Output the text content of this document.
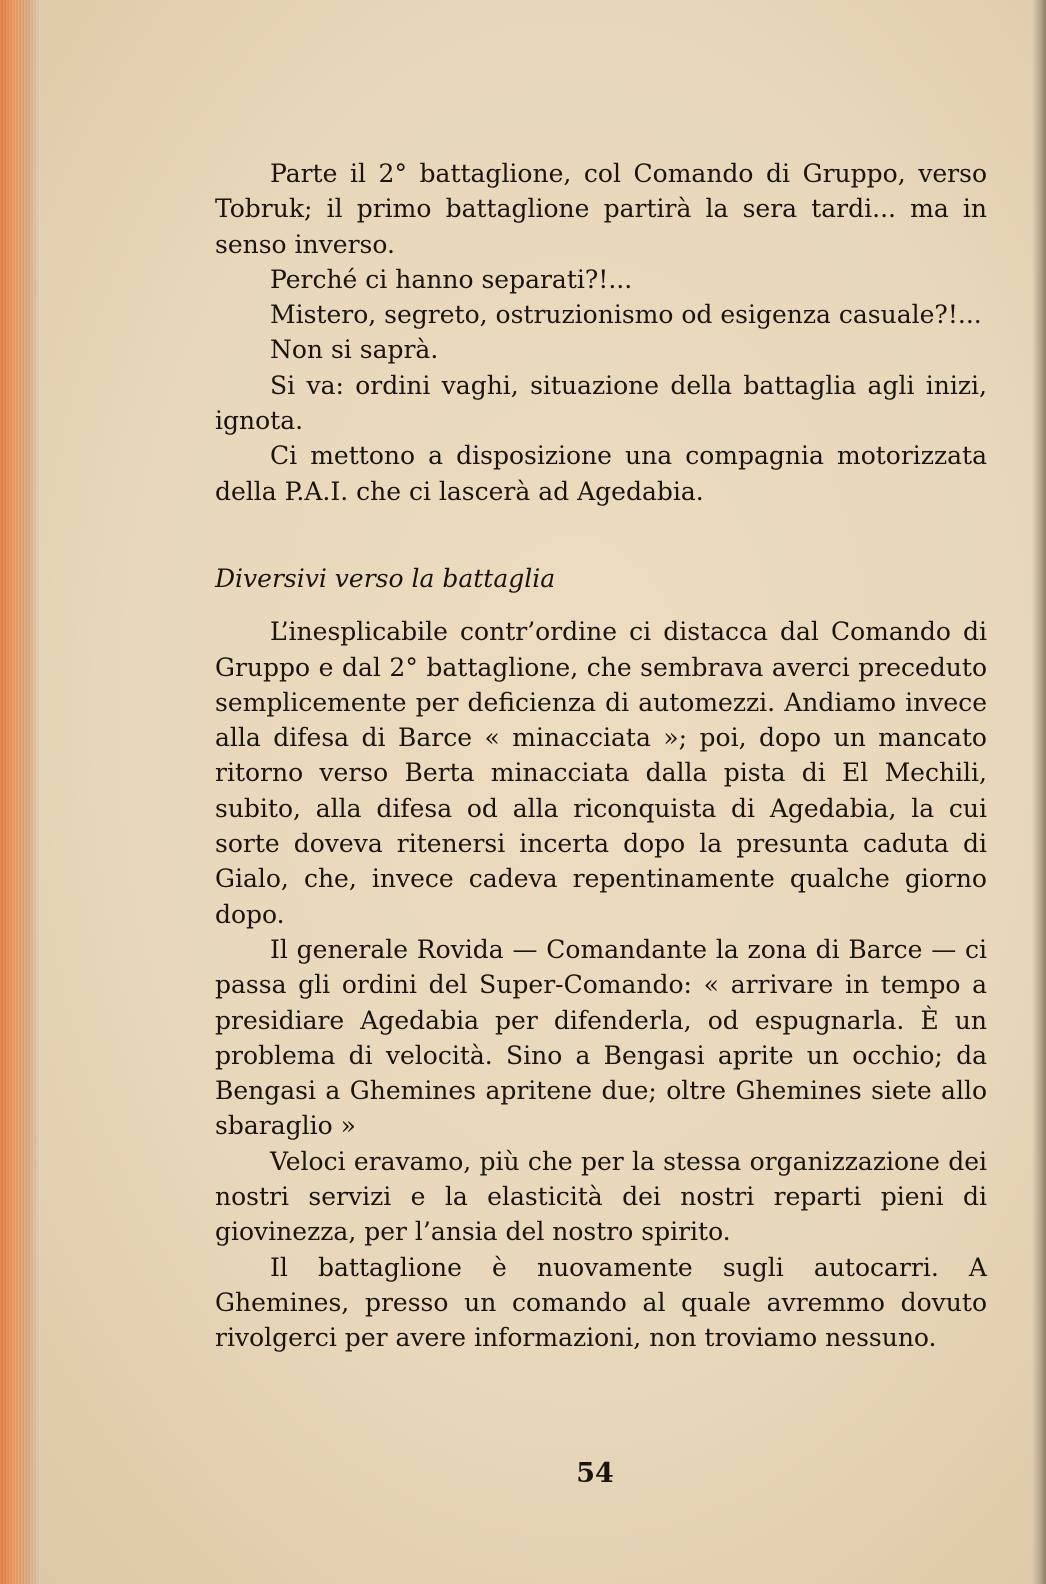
Parte il 2° battaglione, col Comando di Gruppo, verso Tobruk; il primo battaglione partirà la sera tardi... ma in senso inverso.

Perché ci hanno separati?!...

Mistero, segreto, ostruzionismo od esigenza casuale?!...

Non si saprà.

Si va: ordini vaghi, situazione della battaglia agli inizi, ignota.

Ci mettono a disposizione una compagnia motorizzata della P.A.I. che ci lascerà ad Agedabia.

Diversivi verso la battaglia

L’inesplicabile contr’ordine ci distacca dal Comando di Gruppo e dal 2° battaglione, che sembrava averci preceduto semplicemente per deficienza di automezzi. Andiamo invece alla difesa di Barce « minacciata »; poi, dopo un mancato ritorno verso Berta minacciata dalla pista di El Mechili, subito, alla difesa od alla riconquista di Agedabia, la cui sorte doveva ritenersi incerta dopo la presunta caduta di Gialo, che, invece cadeva repentinamente qualche giorno dopo.

Il generale Rovida — Comandante la zona di Barce — ci passa gli ordini del Super-Comando: « arrivare in tempo a presidiare Agedabia per difenderla, od espugnarla. È un problema di velocità. Sino a Bengasi aprite un occhio; da Bengasi a Ghemines apritene due; oltre Ghemines siete allo sbaraglio »

Veloci eravamo, più che per la stessa organizzazione dei nostri servizi e la elasticità dei nostri reparti pieni di giovinezza, per l’ansia del nostro spirito.

Il battaglione è nuovamente sugli autocarri. A Ghemines, presso un comando al quale avremmo dovuto rivolgerci per avere informazioni, non troviamo nessuno.

54
